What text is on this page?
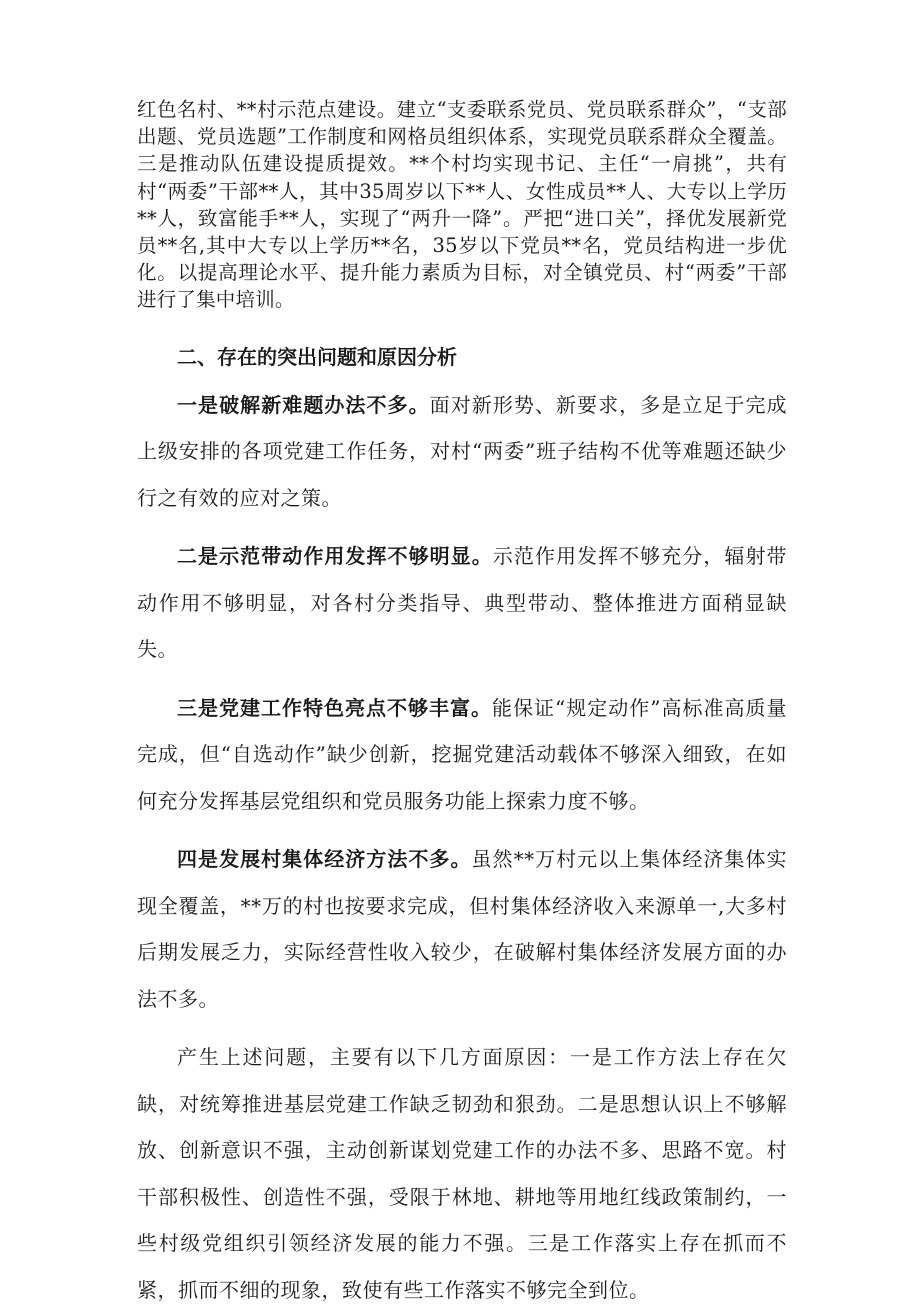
红色名村、**村示范点建设。建立“支委联系党员、党员联系群众”，“支部出题、党员选题”工作制度和网格员组织体系，实现党员联系群众全覆盖。三是推动队伍建设提质提效。**个村均实现书记、主任“一肩挑”，共有村“两委”干部**人，其中35周岁以下**人、女性成员**人、大专以上学历**人，致富能手**人，实现了“两升一降”。严把“进口关”，择优发展新党员**名,其中大专以上学历**名，35岁以下党员**名，党员结构进一步优化。以提高理论水平、提升能力素质为目标，对全镇党员、村“两委”干部进行了集中培训。

二、存在的突出问题和原因分析

一是破解新难题办法不多。面对新形势、新要求，多是立足于完成上级安排的各项党建工作任务，对村“两委”班子结构不优等难题还缺少行之有效的应对之策。

二是示范带动作用发挥不够明显。示范作用发挥不够充分，辐射带动作用不够明显，对各村分类指导、典型带动、整体推进方面稍显缺失。

三是党建工作特色亮点不够丰富。能保证“规定动作”高标准高质量完成，但“自选动作”缺少创新，挖掘党建活动载体不够深入细致，在如何充分发挥基层党组织和党员服务功能上探索力度不够。

四是发展村集体经济方法不多。虽然**万村元以上集体经济集体实现全覆盖，**万的村也按要求完成，但村集体经济收入来源单一,大多村后期发展乏力，实际经营性收入较少，在破解村集体经济发展方面的办法不多。

产生上述问题，主要有以下几方面原因：一是工作方法上存在欠缺，对统筹推进基层党建工作缺乏韧劲和狠劲。二是思想认识上不够解放、创新意识不强，主动创新谋划党建工作的办法不多、思路不宽。村干部积极性、创造性不强，受限于林地、耕地等用地红线政策制约，一些村级党组织引领经济发展的能力不强。三是工作落实上存在抓而不紧，抓而不细的现象，致使有些工作落实不够完全到位。
